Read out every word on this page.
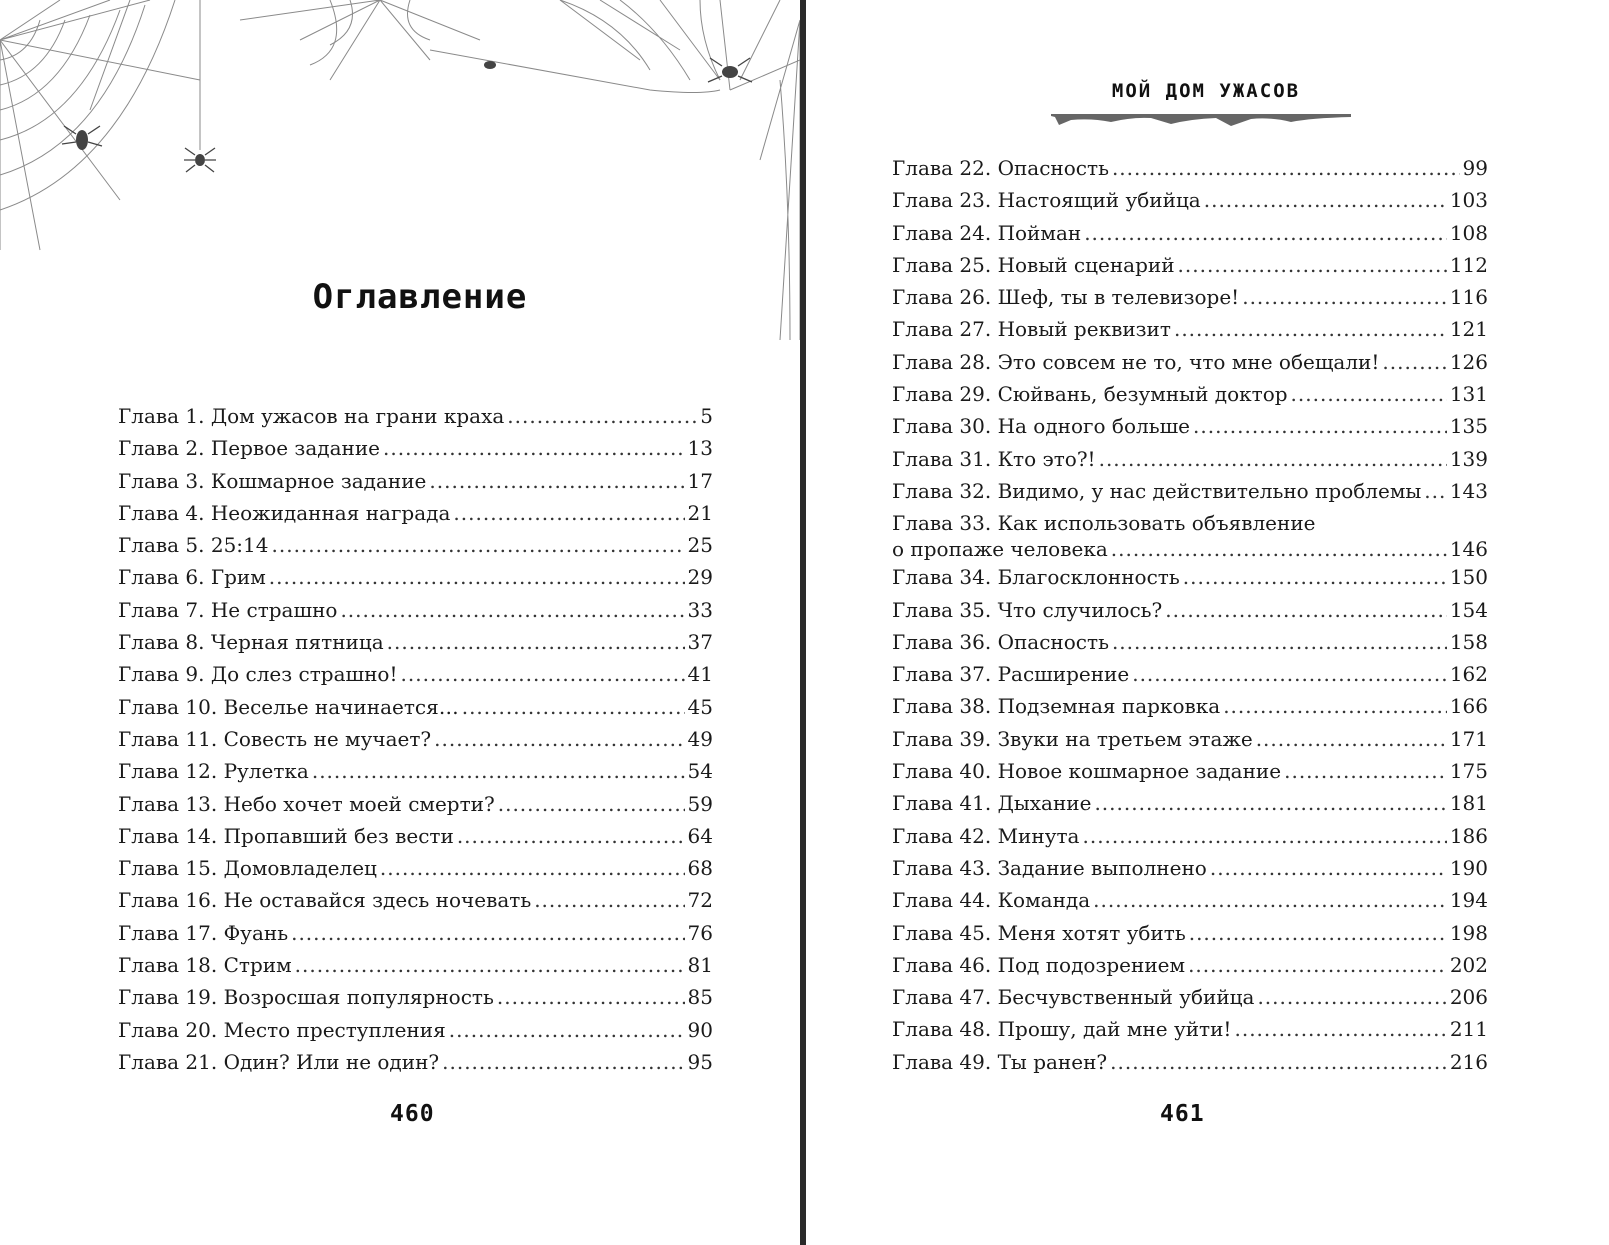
Оглавление
Глава 1. Дом ужасов на грани краха .....	5
Глава 2. Первое задание .....	13
Глава 3. Кошмарное задание .....	17
Глава 4. Неожиданная награда .....	21
Глава 5. 25:14 .....	25
Глава 6. Грим .....	29
Глава 7. Не страшно .....	33
Глава 8. Черная пятница .....	37
Глава 9. До слез страшно! .....	41
Глава 10. Веселье начинается… .....	45
Глава 11. Совесть не мучает? .....	49
Глава 12. Рулетка .....	54
Глава 13. Небо хочет моей смерти? .....	59
Глава 14. Пропавший без вести .....	64
Глава 15. Домовладелец .....	68
Глава 16. Не оставайся здесь ночевать .....	72
Глава 17. Фуань .....	76
Глава 18. Стрим .....	81
Глава 19. Возросшая популярность .....	85
Глава 20. Место преступления .....	90
Глава 21. Один? Или не один? .....	95
460
МОЙ ДОМ УЖАСОВ
Глава 22. Опасность .....	99
Глава 23. Настоящий убийца .....	103
Глава 24. Пойман .....	108
Глава 25. Новый сценарий .....	112
Глава 26. Шеф, ты в телевизоре! .....	116
Глава 27. Новый реквизит .....	121
Глава 28. Это совсем не то, что мне обещали! .....	126
Глава 29. Сюйвань, безумный доктор .....	131
Глава 30. На одного больше .....	135
Глава 31. Кто это?! .....	139
Глава 32. Видимо, у нас действительно проблемы ..... 143
Глава 33. Как использовать объявление
о пропаже человека .....	146
Глава 34. Благосклонность .....	150
Глава 35. Что случилось? .....	154
Глава 36. Опасность .....	158
Глава 37. Расширение .....	162
Глава 38. Подземная парковка .....	166
Глава 39. Звуки на третьем этаже .....	171
Глава 40. Новое кошмарное задание .....	175
Глава 41. Дыхание .....	181
Глава 42. Минута .....	186
Глава 43. Задание выполнено .....	190
Глава 44. Команда .....	194
Глава 45. Меня хотят убить .....	198
Глава 46. Под подозрением .....	202
Глава 47. Бесчувственный убийца .....	206
Глава 48. Прошу, дай мне уйти! .....	211
Глава 49. Ты ранен? .....	216
461
